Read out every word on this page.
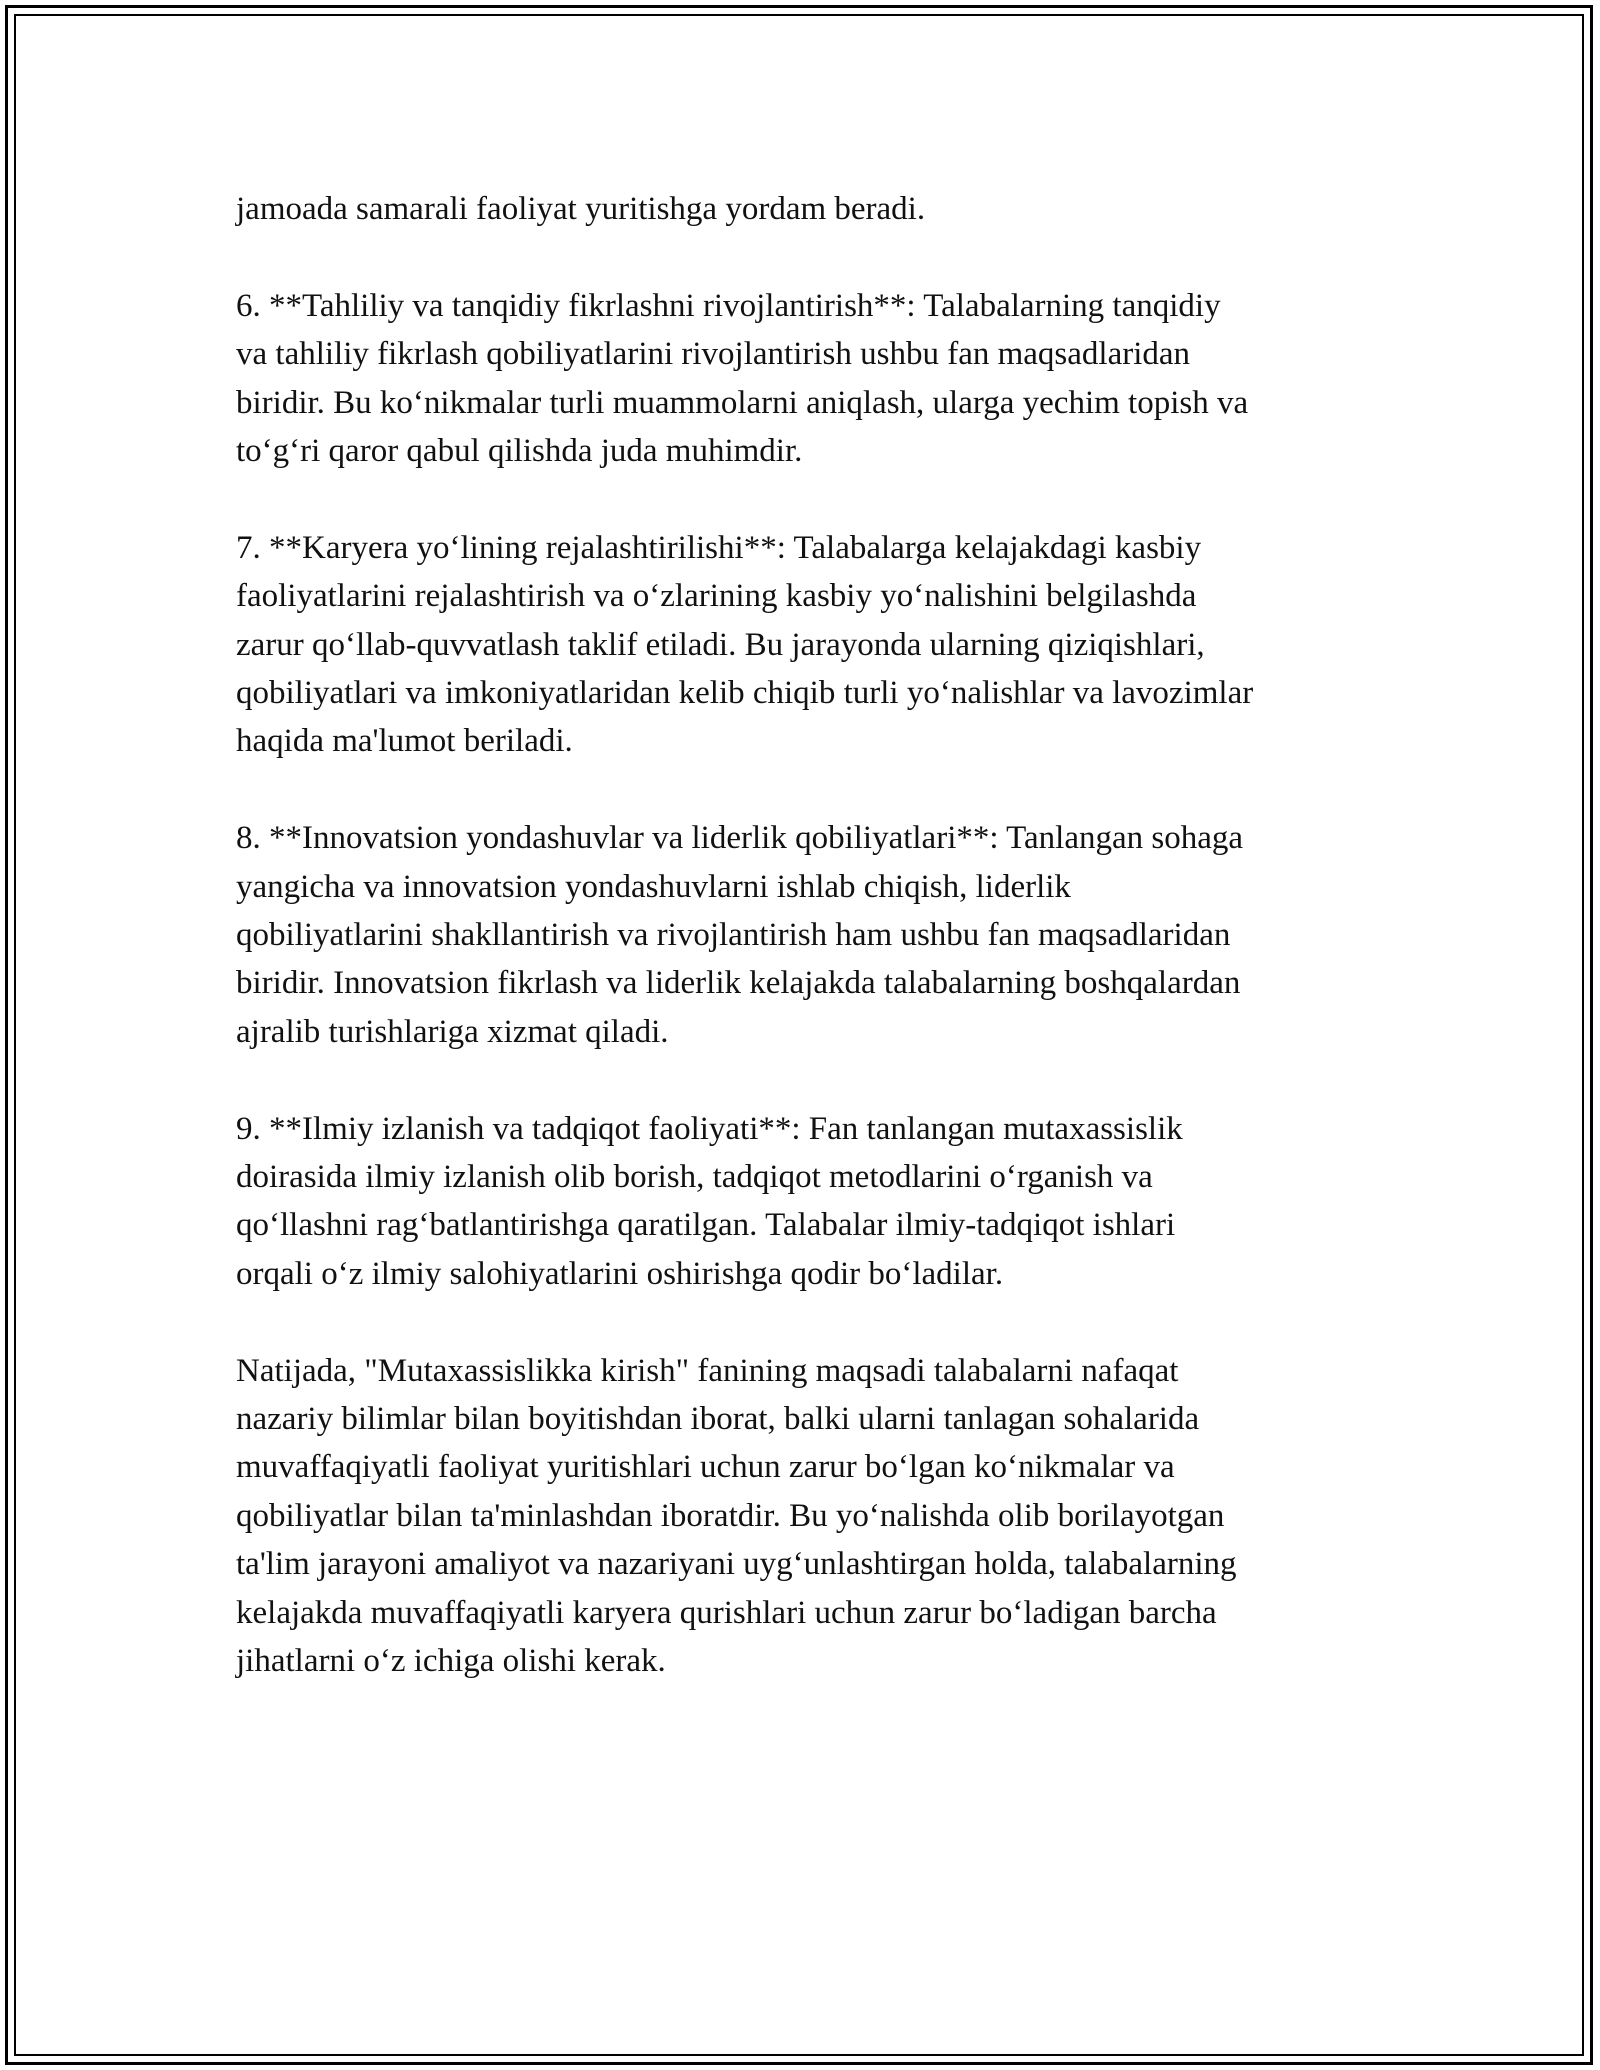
jamoada samarali faoliyat yuritishga yordam beradi.

6. **Tahliliy va tanqidiy fikrlashni rivojlantirish**: Talabalarning tanqidiy
va tahliliy fikrlash qobiliyatlarini rivojlantirish ushbu fan maqsadlaridan
biridir. Bu koʻnikmalar turli muammolarni aniqlash, ularga yechim topish va
toʻgʻri qaror qabul qilishda juda muhimdir.

7. **Karyera yoʻlining rejalashtirilishi**: Talabalarga kelajakdagi kasbiy
faoliyatlarini rejalashtirish va oʻzlarining kasbiy yoʻnalishini belgilashda
zarur qoʻllab-quvvatlash taklif etiladi. Bu jarayonda ularning qiziqishlari,
qobiliyatlari va imkoniyatlaridan kelib chiqib turli yoʻnalishlar va lavozimlar
haqida ma'lumot beriladi.

8. **Innovatsion yondashuvlar va liderlik qobiliyatlari**: Tanlangan sohaga
yangicha va innovatsion yondashuvlarni ishlab chiqish, liderlik
qobiliyatlarini shakllantirish va rivojlantirish ham ushbu fan maqsadlaridan
biridir. Innovatsion fikrlash va liderlik kelajakda talabalarning boshqalardan
ajralib turishlariga xizmat qiladi.

9. **Ilmiy izlanish va tadqiqot faoliyati**: Fan tanlangan mutaxassislik
doirasida ilmiy izlanish olib borish, tadqiqot metodlarini oʻrganish va
qoʻllashni ragʻbatlantirishga qaratilgan. Talabalar ilmiy-tadqiqot ishlari
orqali oʻz ilmiy salohiyatlarini oshirishga qodir boʻladilar.

Natijada, "Mutaxassislikka kirish" fanining maqsadi talabalarni nafaqat
nazariy bilimlar bilan boyitishdan iborat, balki ularni tanlagan sohalarida
muvaffaqiyatli faoliyat yuritishlari uchun zarur boʻlgan koʻnikmalar va
qobiliyatlar bilan ta'minlashdan iboratdir. Bu yoʻnalishda olib borilayotgan
ta'lim jarayoni amaliyot va nazariyani uygʻunlashtirgan holda, talabalarning
kelajakda muvaffaqiyatli karyera qurishlari uchun zarur boʻladigan barcha
jihatlarni oʻz ichiga olishi kerak.
